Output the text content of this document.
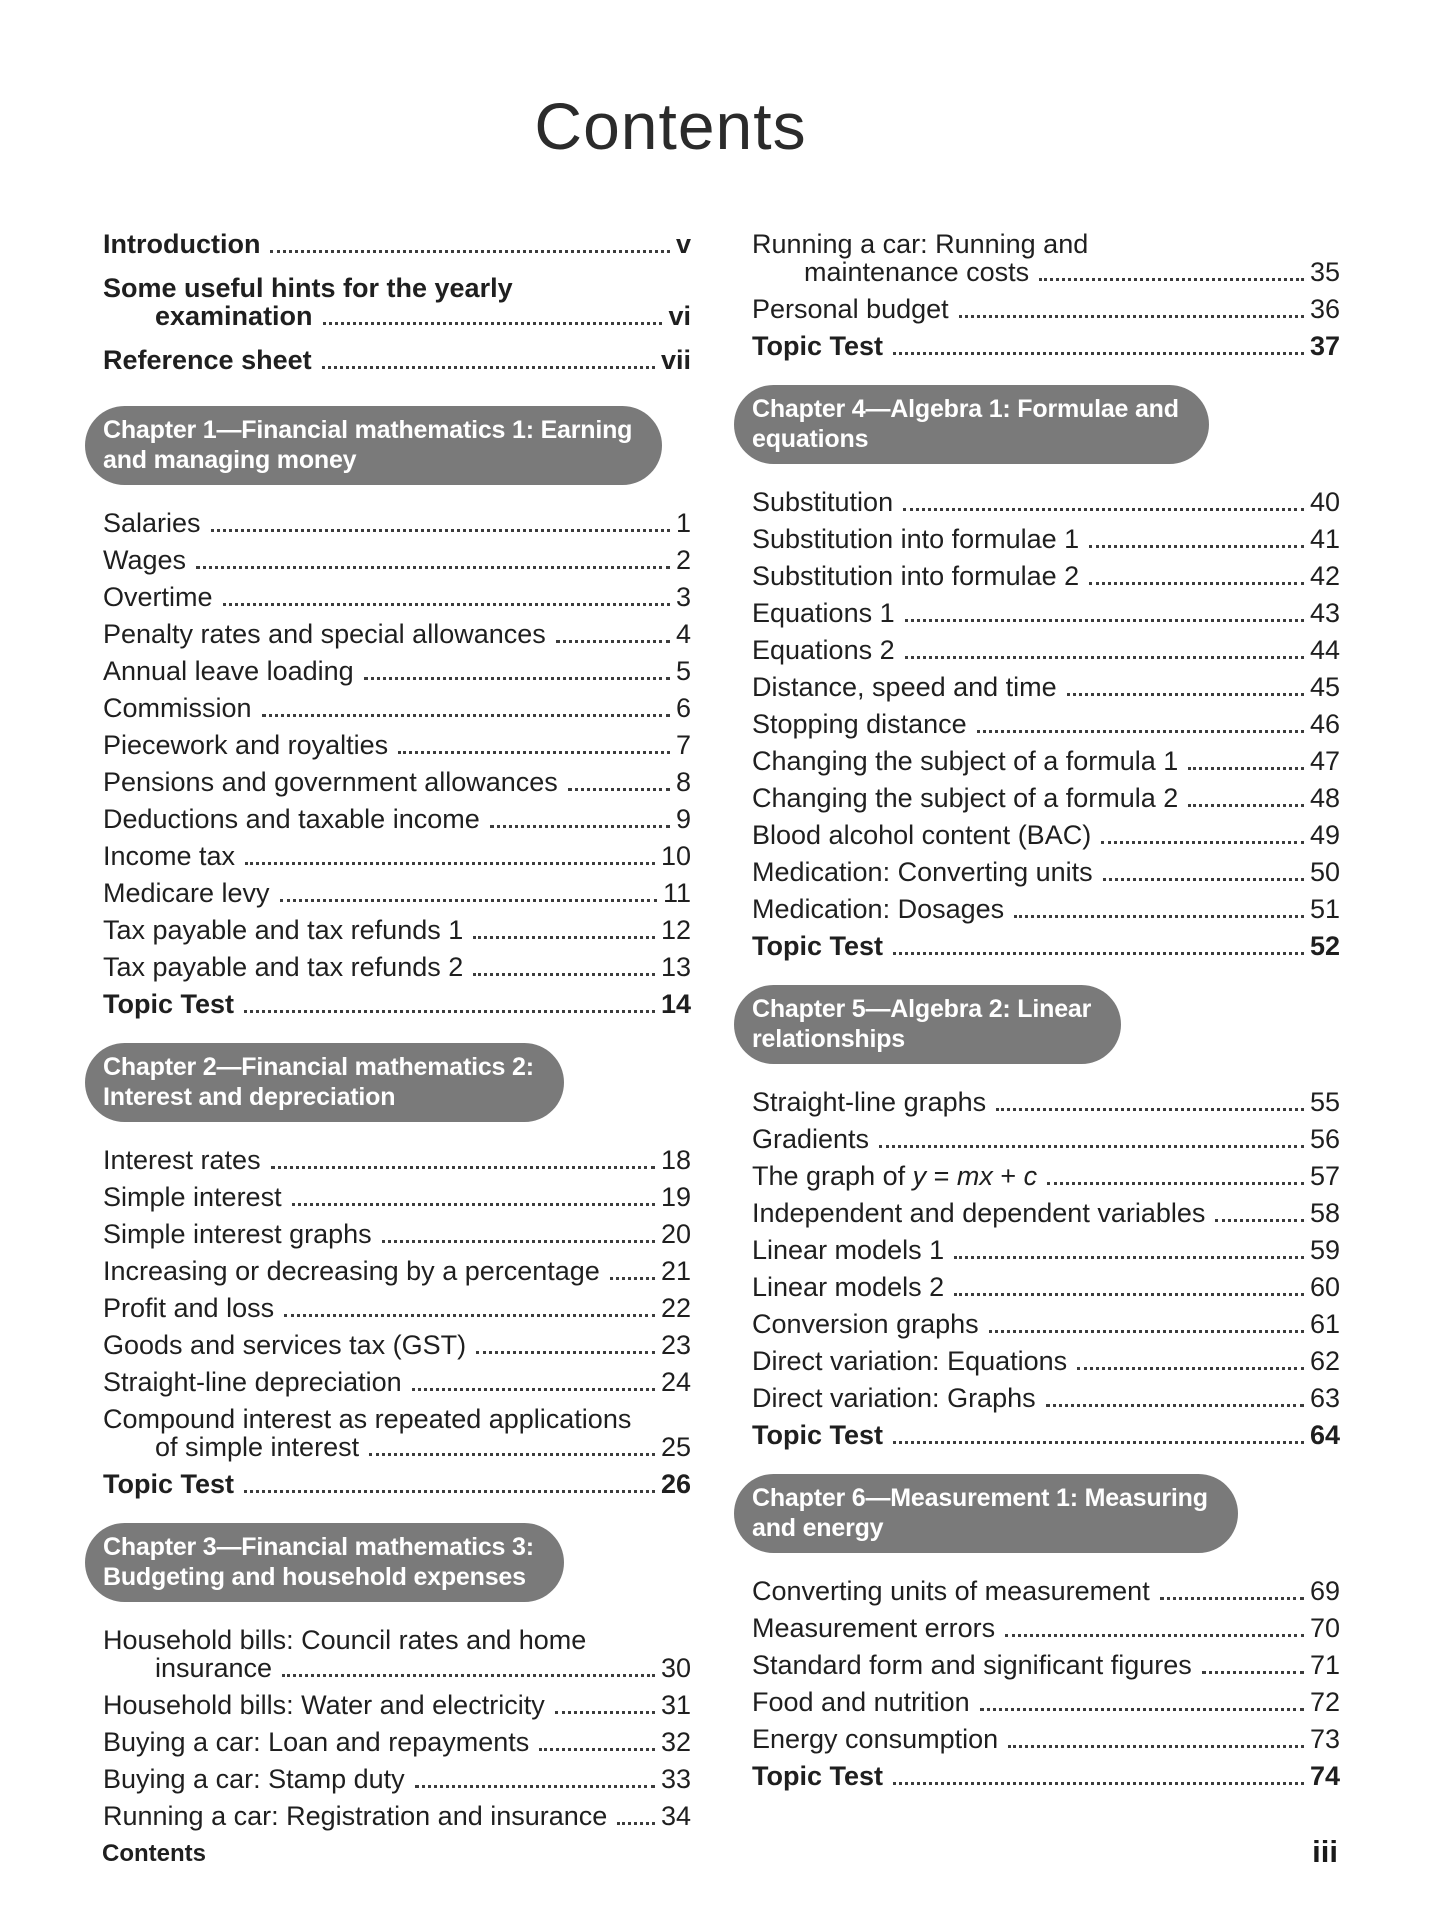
Contents
Introduction	v
Some useful hints for the yearly
examination	vi
Reference sheet	vii
Chapter 1—Financial mathematics 1: Earning
and managing money
Salaries	1
Wages	2
Overtime	3
Penalty rates and special allowances	4
Annual leave loading	5
Commission	6
Piecework and royalties	7
Pensions and government allowances	8
Deductions and taxable income	9
Income tax	10
Medicare levy	11
Tax payable and tax refunds 1	12
Tax payable and tax refunds 2	13
Topic Test	14
Chapter 2—Financial mathematics 2:
Interest and depreciation
Interest rates	18
Simple interest	19
Simple interest graphs	20
Increasing or decreasing by a percentage 21
Profit and loss	22
Goods and services tax (GST)	23
Straight-line depreciation	24
Compound interest as repeated applications
of simple interest	25
Topic Test	26
Chapter 3—Financial mathematics 3:
Budgeting and household expenses
Household bills: Council rates and home
insurance	30
Household bills: Water and electricity	31
Buying a car: Loan and repayments	32
Buying a car: Stamp duty	33
Running a car: Registration and insurance 34
Running a car: Running and
maintenance costs	35
Personal budget	36
Topic Test	37
Chapter 4—Algebra 1: Formulae and
equations
Substitution	40
Substitution into formulae 1	41
Substitution into formulae 2	42
Equations 1	43
Equations 2	44
Distance, speed and time	45
Stopping distance	46
Changing the subject of a formula 1	47
Changing the subject of a formula 2	48
Blood alcohol content (BAC)	49
Medication: Converting units	50
Medication: Dosages	51
Topic Test	52
Chapter 5—Algebra 2: Linear
relationships
Straight-line graphs	55
Gradients	56
The graph of y = mx + c	57
Independent and dependent variables	58
Linear models 1	59
Linear models 2	60
Conversion graphs	61
Direct variation: Equations	62
Direct variation: Graphs	63
Topic Test	64
Chapter 6—Measurement 1: Measuring
and energy
Converting units of measurement	69
Measurement errors	70
Standard form and significant figures	71
Food and nutrition	72
Energy consumption	73
Topic Test	74
Contents	iii
